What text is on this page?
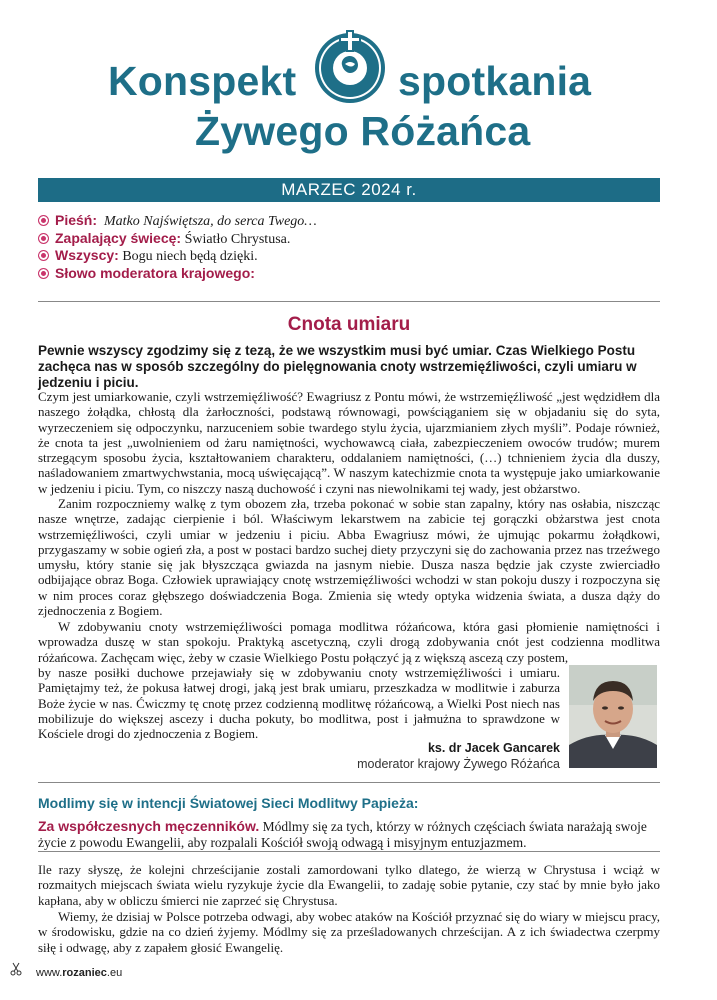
Konspekt spotkania
Żywego Różańca
MARZEC 2024 r.
Pieśń: Matko Najświętsza, do serca Twego…
Zapalający świecę: Światło Chrystusa.
Wszyscy: Bogu niech będą dzięki.
Słowo moderatora krajowego:
Cnota umiaru
Pewnie wszyscy zgodzimy się z tezą, że we wszystkim musi być umiar. Czas Wielkiego Postu zachęca nas w sposób szczególny do pielęgnowania cnoty wstrzemięźliwości, czyli umiaru w jedzeniu i piciu.
Czym jest umiarkowanie, czyli wstrzemięźliwość? Ewagriusz z Pontu mówi, że wstrzemięźliwość „jest wędzidłem dla naszego żołądka, chłostą dla żarłoczności, podstawą równowagi, powściąganiem się w objadaniu się do syta, wyrzeczeniem się odpoczynku, narzuceniem sobie twardego stylu życia, ujarzmianiem złych myśli”. Podaje również, że cnota ta jest „uwolnieniem od żaru namiętności, wychowawcą ciała, zabezpieczeniem owoców trudów; murem strzegącym sposobu życia, kształtowaniem charakteru, oddalaniem namiętności, (…) tchnieniem życia dla duszy, naśladowaniem zmartwychwstania, mocą uświęcającą”. W naszym katechizmie cnota ta występuje jako umiarkowanie w jedzeniu i piciu. Tym, co niszczy naszą duchowość i czyni nas niewolnikami tej wady, jest obżarstwo.
Zanim rozpoczniemy walkę z tym obozem zła, trzeba pokonać w sobie stan zapalny, który nas osłabia, niszcząc nasze wnętrze, zadając cierpienie i ból. Właściwym lekarstwem na zabicie tej gorączki obżarstwa jest cnota wstrzemięźliwości, czyli umiar w jedzeniu i piciu. Abba Ewagriusz mówi, że ujmując pokarmu żołądkowi, przygaszamy w sobie ogień zła, a post w postaci bardzo suchej diety przyczyni się do zachowania przez nas trzeźwego umysłu, który stanie się jak błyszcząca gwiazda na jasnym niebie. Dusza nasza będzie jak czyste zwierciadło odbijające obraz Boga. Człowiek uprawiający cnotę wstrzemięźliwości wchodzi w stan pokoju duszy i rozpoczyna się w nim proces coraz głębszego doświadczenia Boga. Zmienia się wtedy optyka widzenia świata, a dusza dąży do zjednoczenia z Bogiem.
W zdobywaniu cnoty wstrzemięźliwości pomaga modlitwa różańcowa, która gasi płomienie namiętności i wprowadza duszę w stan spokoju. Praktyką ascetyczną, czyli drogą zdobywania cnót jest codzienna modlitwa różańcowa. Zachęcam więc, żeby w czasie Wielkiego Postu połączyć ją z większą ascezą czy postem,
by nasze posiłki duchowe przejawiały się w zdobywaniu cnoty wstrzemięźliwości i umiaru. Pamiętajmy też, że pokusa łatwej drogi, jaką jest brak umiaru, przeszkadza w modlitwie i zaburza Boże życie w nas. Ćwiczmy tę cnotę przez codzienną modlitwę różańcową, a Wielki Post niech nas mobilizuje do większej ascezy i ducha pokuty, bo modlitwa, post i jałmużna to sprawdzone w Kościele drogi do zjednoczenia z Bogiem.
ks. dr Jacek Gancarek
moderator krajowy Żywego Różańca
Modlimy się w intencji Światowej Sieci Modlitwy Papieża:
Za współczesnych męczenników. Módlmy się za tych, którzy w różnych częściach świata narażają swoje życie z powodu Ewangelii, aby rozpalali Kościół swoją odwagą i misyjnym entuzjazmem.
Ile razy słyszę, że kolejni chrześcijanie zostali zamordowani tylko dlatego, że wierzą w Chrystusa i wciąż w rozmaitych miejscach świata wielu ryzykuje życie dla Ewangelii, to zadaję sobie pytanie, czy stać by mnie było jako kapłana, aby w obliczu śmierci nie zaprzeć się Chrystusa.
Wiemy, że dzisiaj w Polsce potrzeba odwagi, aby wobec ataków na Kościół przyznać się do wiary w miejscu pracy, w środowisku, gdzie na co dzień żyjemy. Módlmy się za prześladowanych chrześcijan. A z ich świadectwa czerpmy siłę i odwagę, aby z zapałem głosić Ewangelię.
www.rozaniec.eu
